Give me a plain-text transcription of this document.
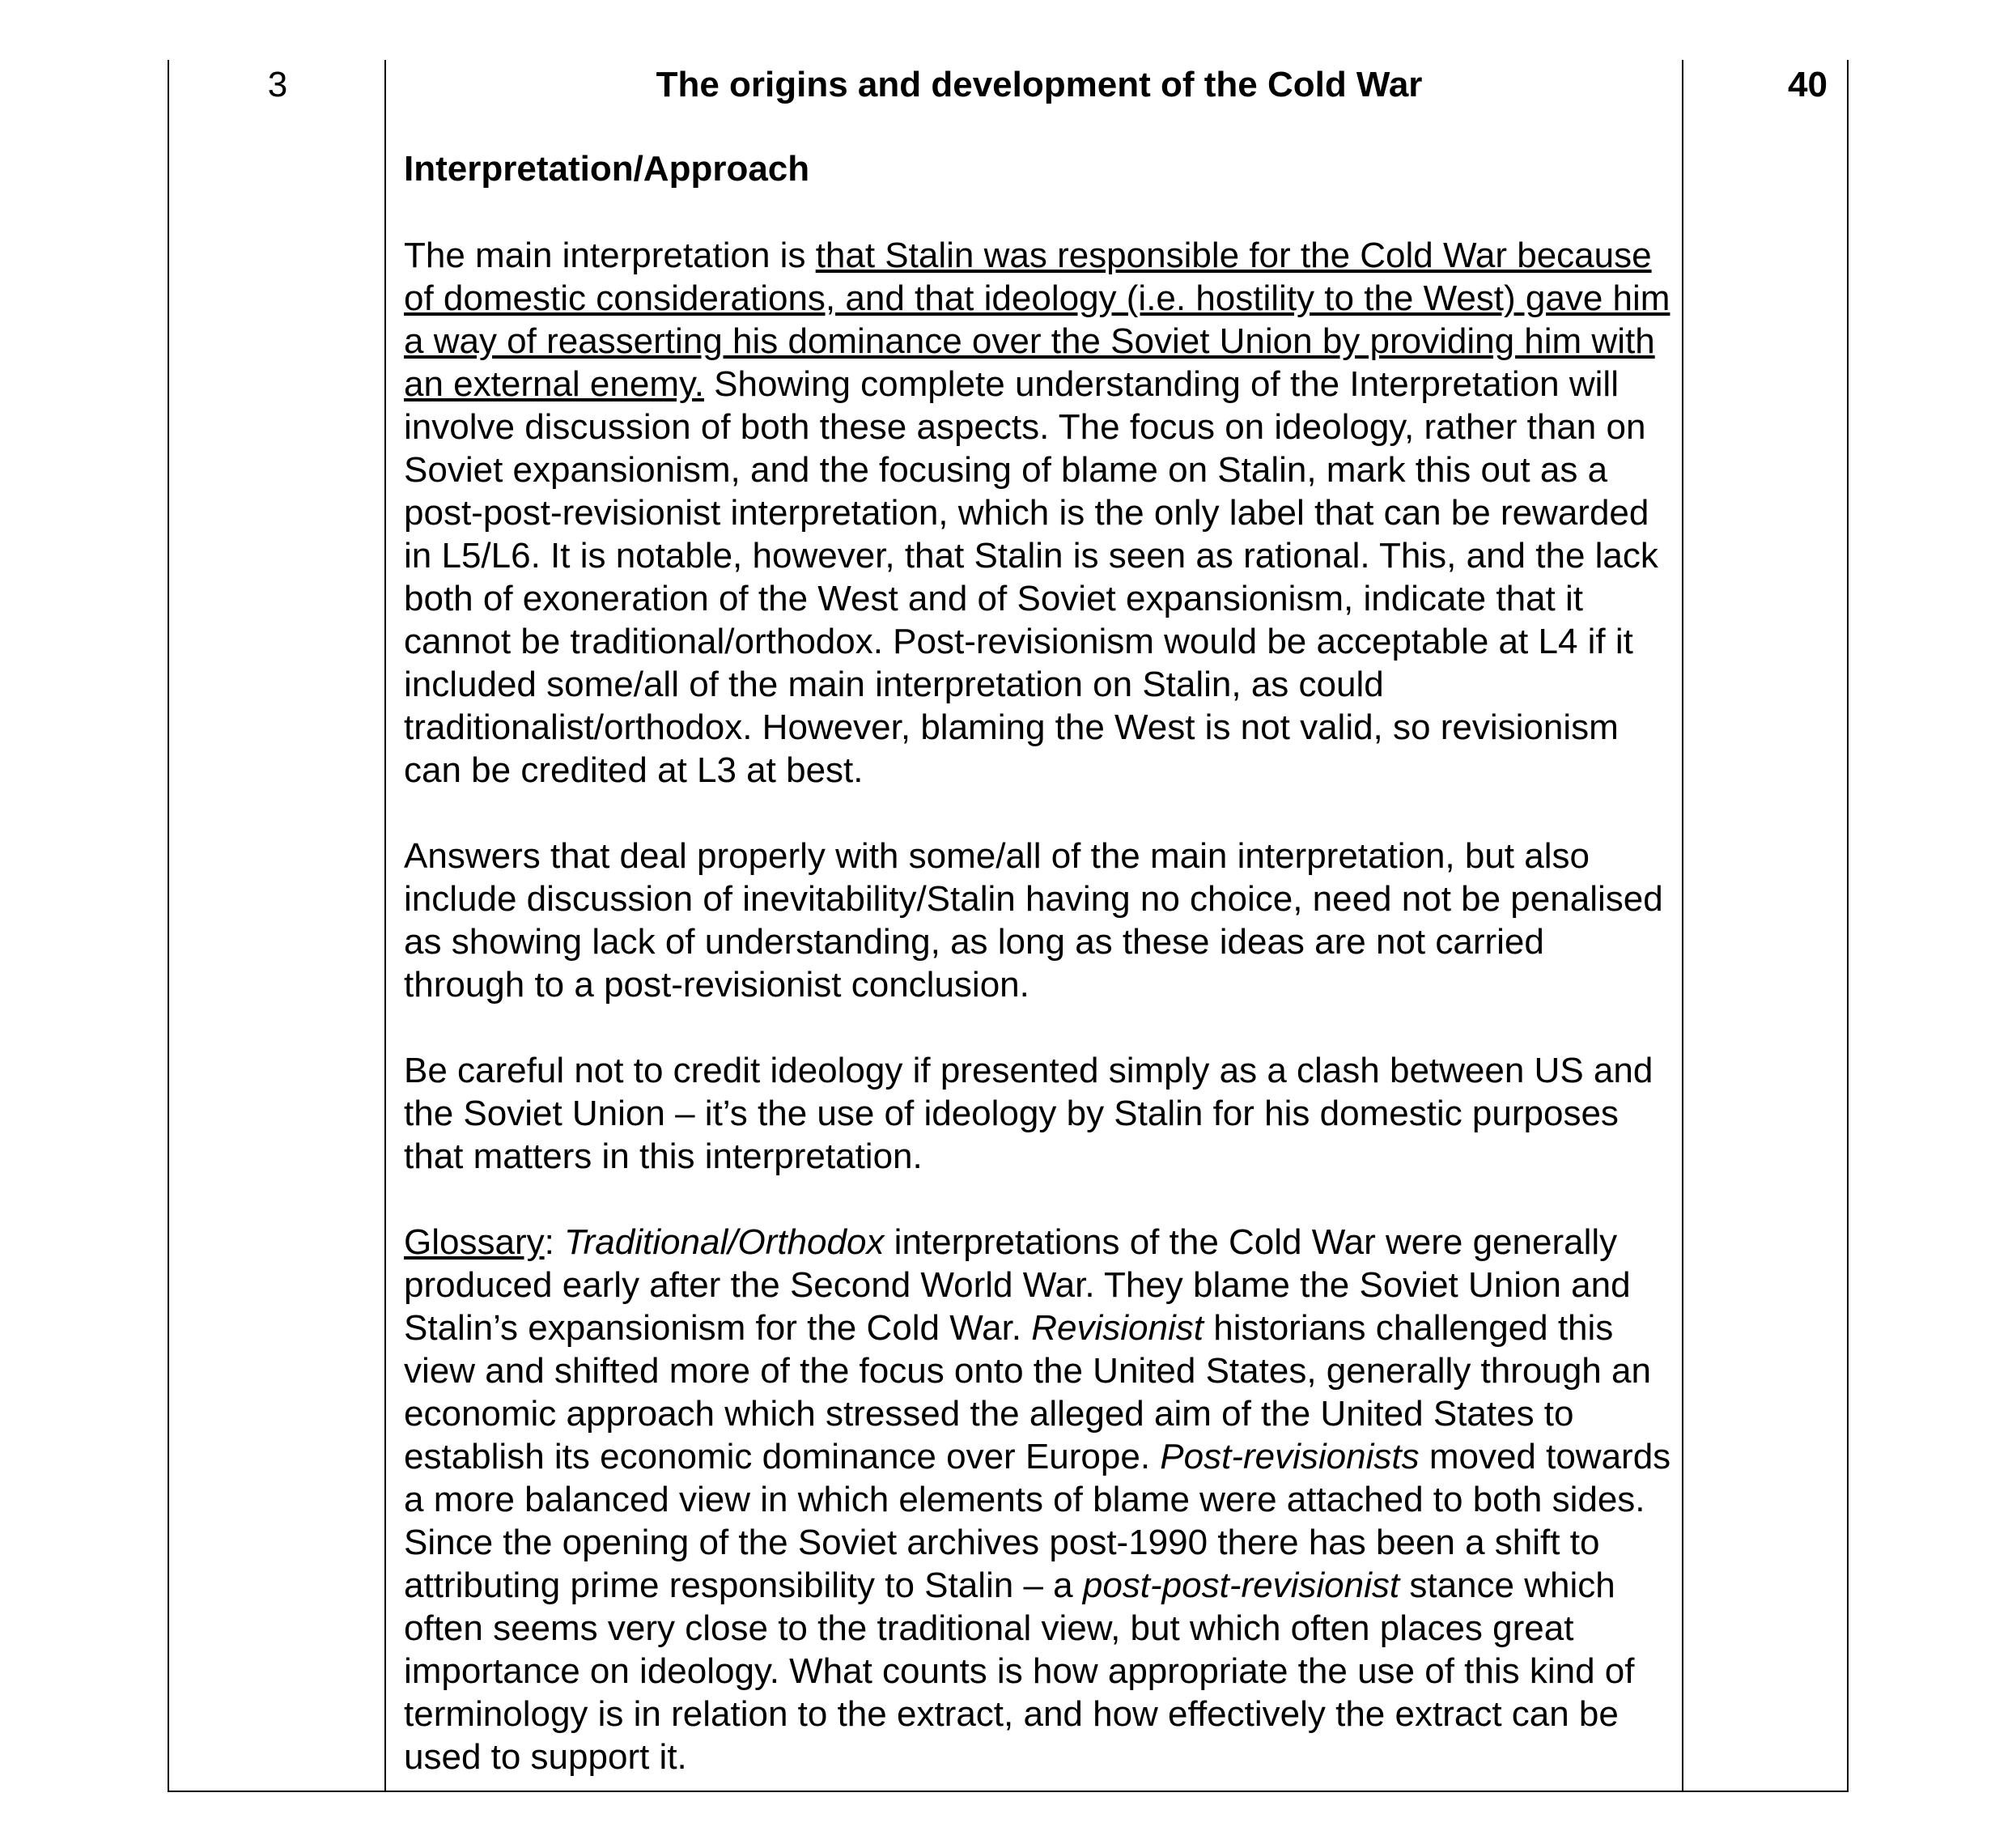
3	The origins and development of the Cold War
Interpretation/Approach

The main interpretation is that Stalin was responsible for the Cold War because of domestic considerations, and that ideology (i.e. hostility to the West) gave him a way of reasserting his dominance over the Soviet Union by providing him with an external enemy. Showing complete understanding of the Interpretation will involve discussion of both these aspects. The focus on ideology, rather than on Soviet expansionism, and the focusing of blame on Stalin, mark this out as a post-post-revisionist interpretation, which is the only label that can be rewarded in L5/L6. It is notable, however, that Stalin is seen as rational. This, and the lack both of exoneration of the West and of Soviet expansionism, indicate that it cannot be traditional/orthodox. Post-revisionism would be acceptable at L4 if it included some/all of the main interpretation on Stalin, as could traditionalist/orthodox. However, blaming the West is not valid, so revisionism can be credited at L3 at best.

Answers that deal properly with some/all of the main interpretation, but also include discussion of inevitability/Stalin having no choice, need not be penalised as showing lack of understanding, as long as these ideas are not carried through to a post-revisionist conclusion.

Be careful not to credit ideology if presented simply as a clash between US and the Soviet Union – it’s the use of ideology by Stalin for his domestic purposes that matters in this interpretation.

Glossary: Traditional/Orthodox interpretations of the Cold War were generally produced early after the Second World War. They blame the Soviet Union and Stalin’s expansionism for the Cold War. Revisionist historians challenged this view and shifted more of the focus onto the United States, generally through an economic approach which stressed the alleged aim of the United States to establish its economic dominance over Europe. Post-revisionists moved towards a more balanced view in which elements of blame were attached to both sides. Since the opening of the Soviet archives post-1990 there has been a shift to attributing prime responsibility to Stalin – a post-post-revisionist stance which often seems very close to the traditional view, but which often places great importance on ideology. What counts is how appropriate the use of this kind of terminology is in relation to the extract, and how effectively the extract can be used to support it.

40
